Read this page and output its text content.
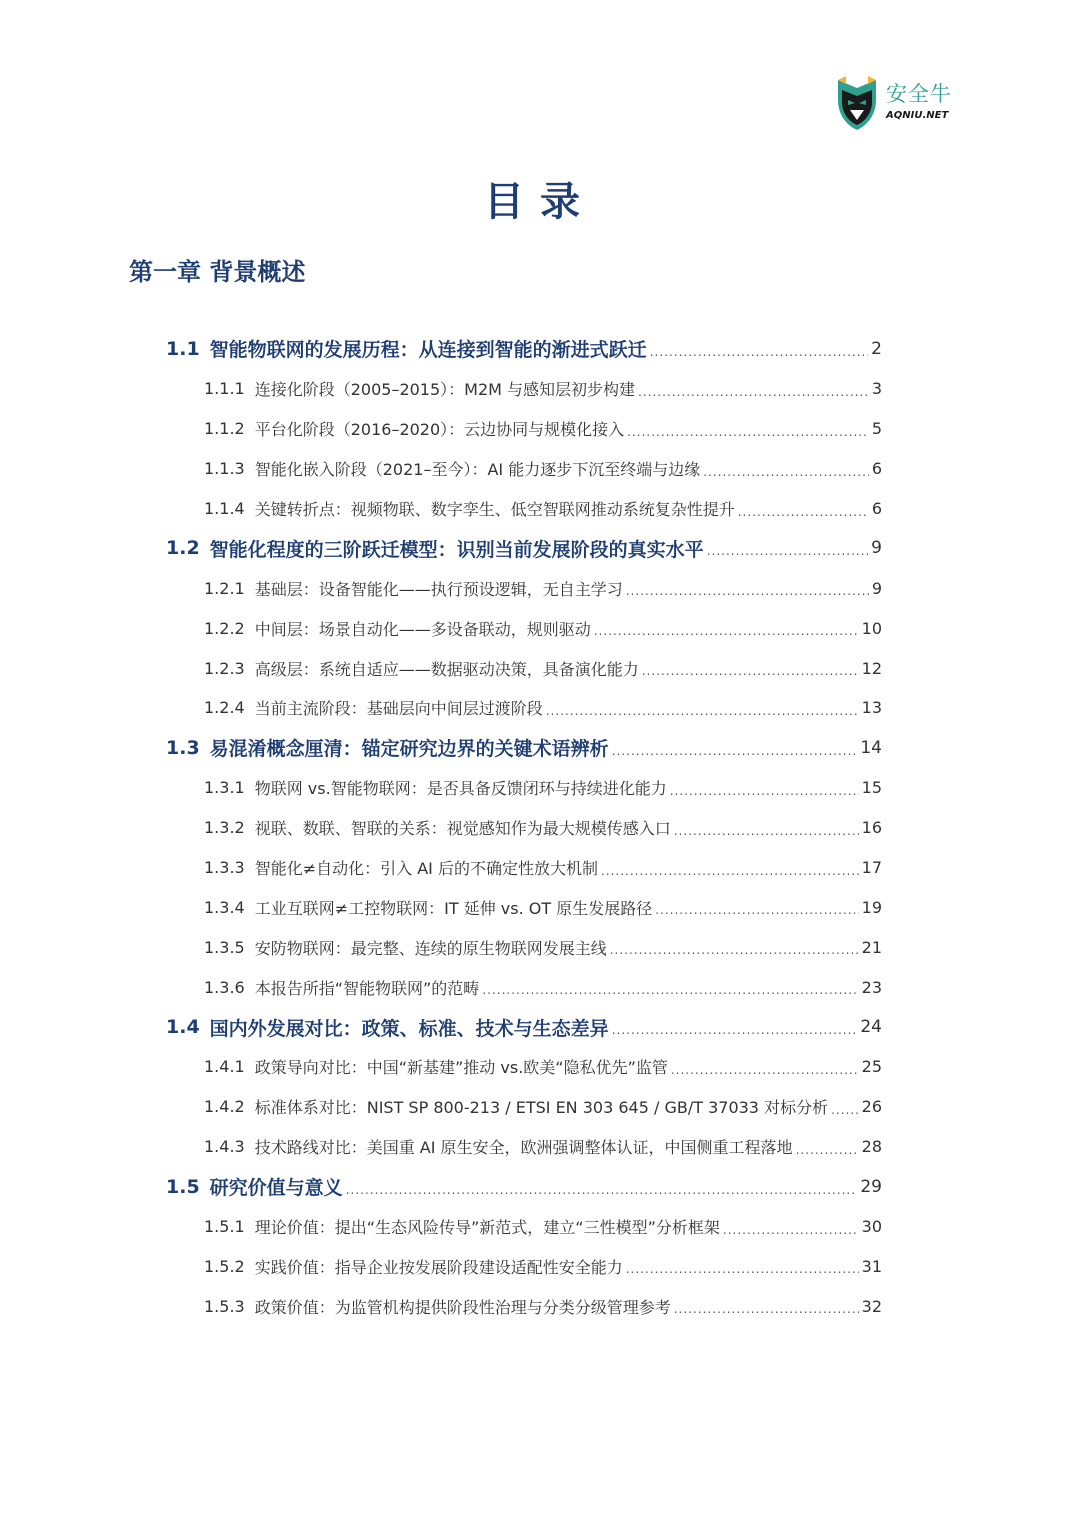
安全牛
AQNIU.NET
目录
第一章 背景概述
1.1 智能物联网的发展历程：从连接到智能的渐进式跃迁 .....	2
1.1.1 连接化阶段（2005–2015）：M2M 与感知层初步构建 .....	3
1.1.2 平台化阶段（2016–2020）：云边协同与规模化接入 .....	5
1.1.3 智能化嵌入阶段（2021–至今）：AI 能力逐步下沉至终端与边缘 .....	6
1.1.4 关键转折点：视频物联、数字孪生、低空智联网推动系统复杂性提升 .....	6
1.2 智能化程度的三阶跃迁模型：识别当前发展阶段的真实水平 .....	9
1.2.1 基础层：设备智能化——执行预设逻辑，无自主学习 .....	9
1.2.2 中间层：场景自动化——多设备联动，规则驱动 .....	10
1.2.3 高级层：系统自适应——数据驱动决策，具备演化能力 .....	12
1.2.4 当前主流阶段：基础层向中间层过渡阶段 .....	13
1.3 易混淆概念厘清：锚定研究边界的关键术语辨析 .....	14
1.3.1 物联网 vs.智能物联网：是否具备反馈闭环与持续进化能力 .....	15
1.3.2 视联、数联、智联的关系：视觉感知作为最大规模传感入口 .....	16
1.3.3 智能化≠自动化：引入 AI 后的不确定性放大机制 .....	17
1.3.4 工业互联网≠工控物联网：IT 延伸 vs. OT 原生发展路径 .....	19
1.3.5 安防物联网：最完整、连续的原生物联网发展主线 .....	21
1.3.6 本报告所指“智能物联网”的范畴 .....	23
1.4 国内外发展对比：政策、标准、技术与生态差异 .....	24
1.4.1 政策导向对比：中国“新基建”推动 vs.欧美“隐私优先”监管 .....	25
1.4.2 标准体系对比：NIST SP 800-213 / ETSI EN 303 645 / GB/T 37033 对标分析 ..... 26
1.4.3 技术路线对比：美国重 AI 原生安全，欧洲强调整体认证，中国侧重工程落地 .....	28
1.5 研究价值与意义 .....	29
1.5.1 理论价值：提出“生态风险传导”新范式，建立“三性模型”分析框架 .....	30
1.5.2 实践价值：指导企业按发展阶段建设适配性安全能力 .....	31
1.5.3 政策价值：为监管机构提供阶段性治理与分类分级管理参考 .....	32
